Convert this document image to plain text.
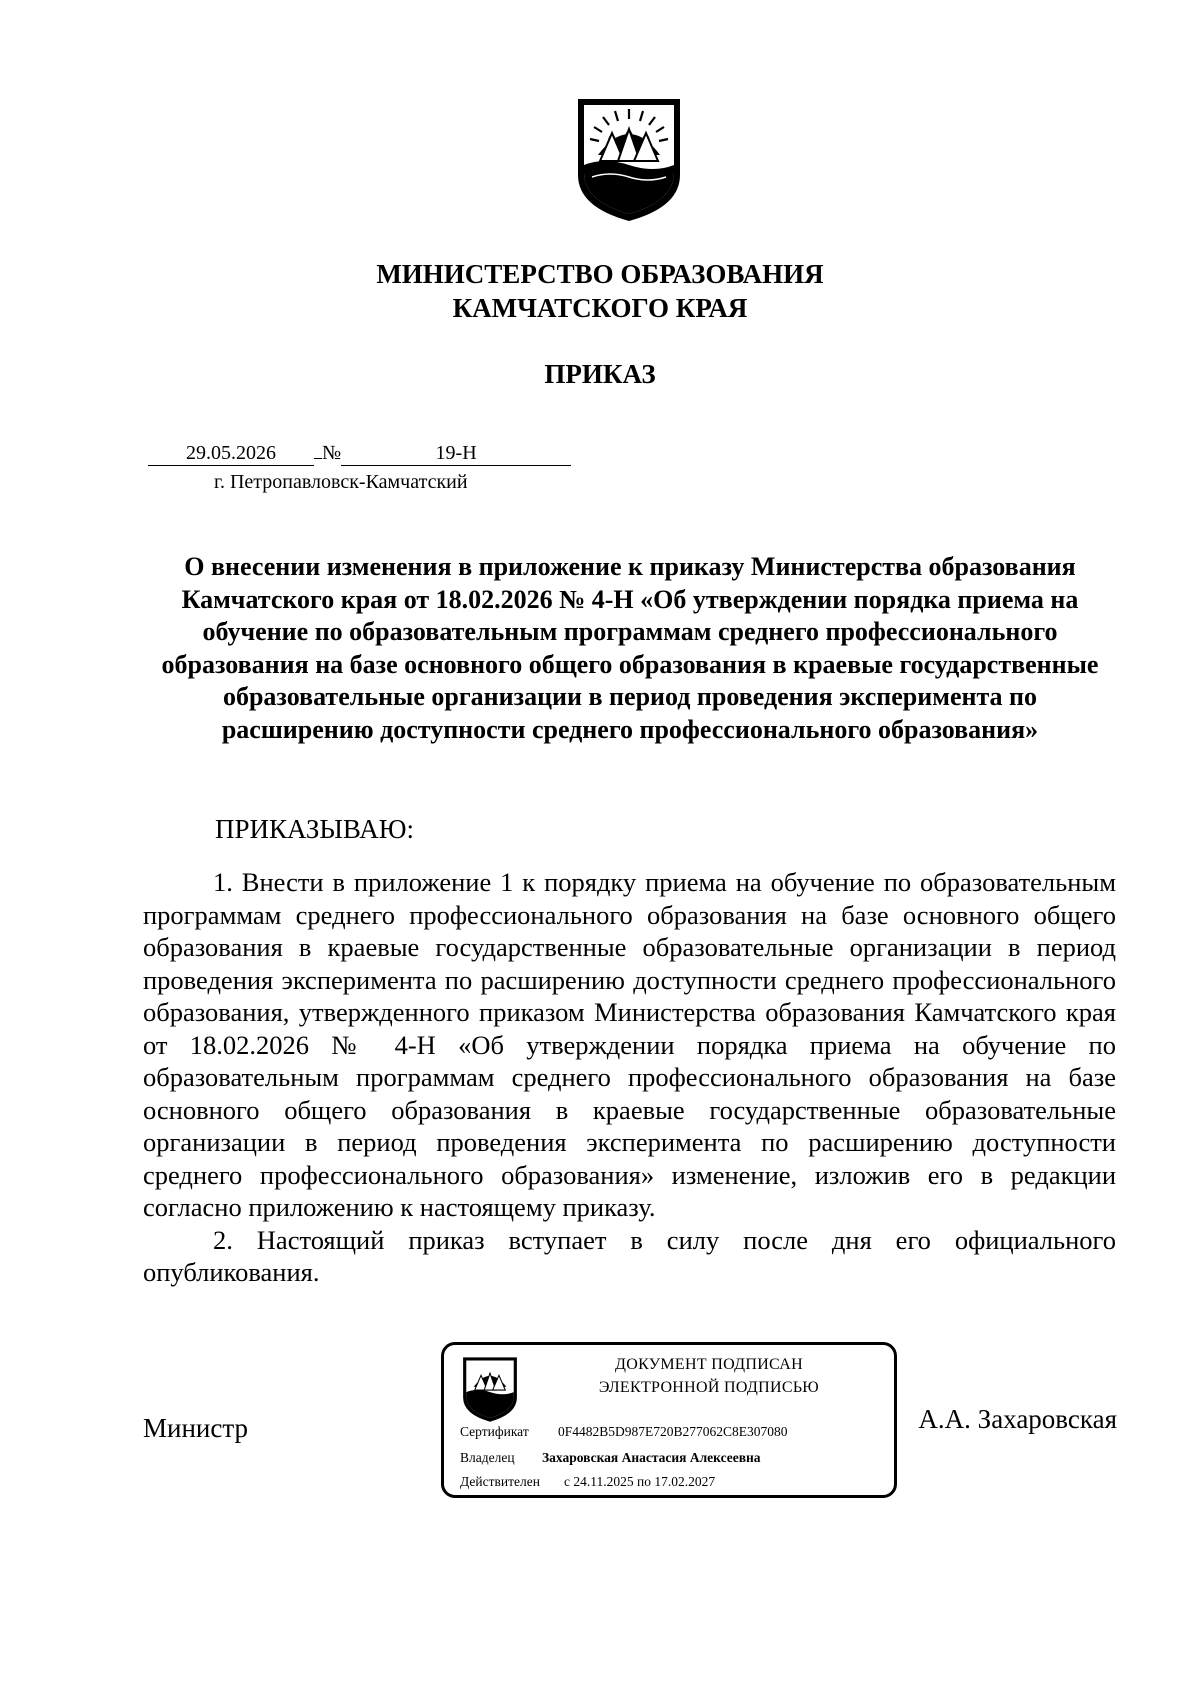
МИНИСТЕРСТВО ОБРАЗОВАНИЯ
КАМЧАТСКОГО КРАЯ
ПРИКАЗ
29.05.2026 №	19-Н
г. Петропавловск-Камчатский
О внесении изменения в приложение к приказу Министерства образования Камчатского края от 18.02.2026 № 4-Н «Об утверждении порядка приема на обучение по образовательным программам среднего профессионального образования на базе основного общего образования в краевые государственные образовательные организации в период проведения эксперимента по расширению доступности среднего профессионального образования»
ПРИКАЗЫВАЮ:

1. Внести в приложение 1 к порядку приема на обучение по образовательным программам среднего профессионального образования на базе основного общего образования в краевые государственные образовательные организации в период проведения эксперимента по расширению доступности среднего профессионального образования, утвержденного приказом Министерства образования Камчатского края от 18.02.2026 № 4-Н «Об утверждении порядка приема на обучение по образовательным программам среднего профессионального образования на базе основного общего образования в краевые государственные образовательные организации в период проведения эксперимента по расширению доступности среднего профессионального образования» изменение, изложив его в редакции согласно приложению к настоящему приказу.

2. Настоящий приказ вступает в силу после дня его официального опубликования.

Министр
ДОКУМЕНТ ПОДПИСАН
ЭЛЕКТРОННОЙ ПОДПИСЬЮ
Сертификат 0F4482B5D987E720B277062C8E307080
Владелец Захаровская Анастасия Алексеевна
Действителен с 24.11.2025 по 17.02.2027
А.А. Захаровская
